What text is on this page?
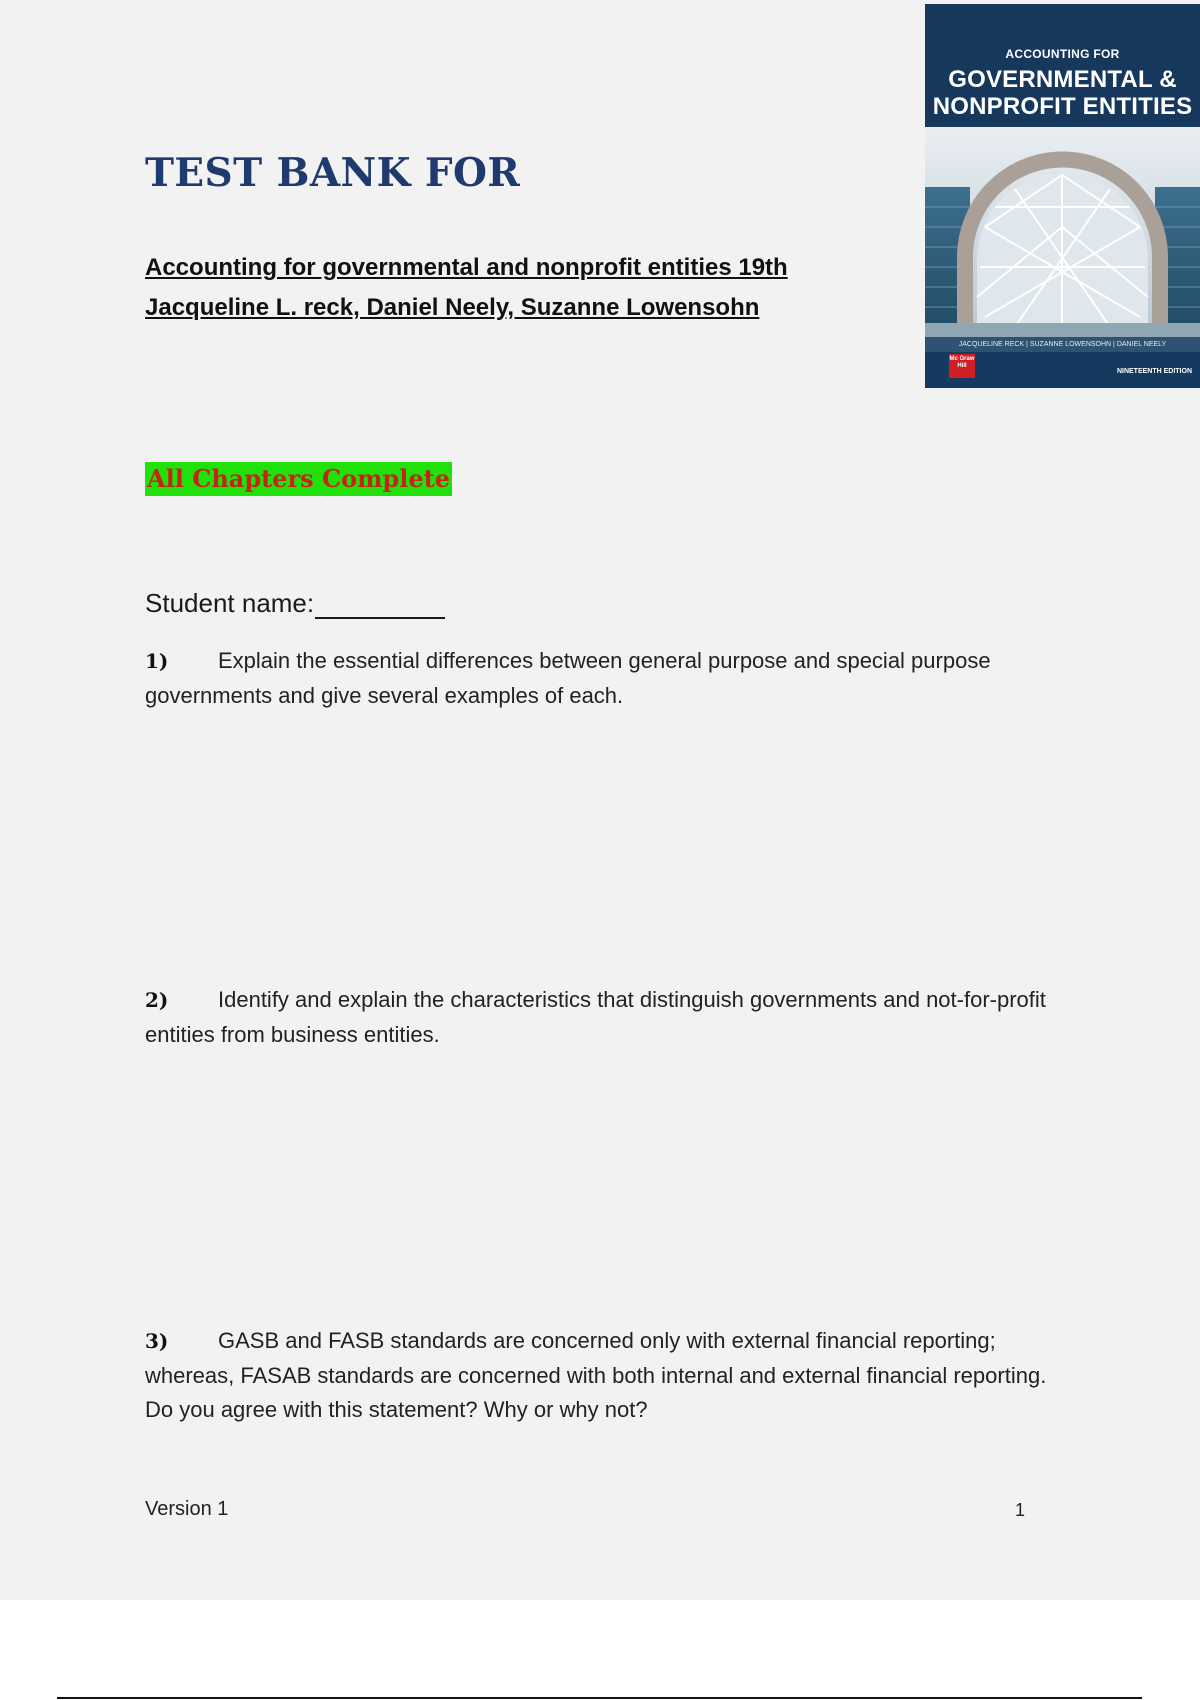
ACCOUNTING FOR
GOVERNMENTAL &
NONPROFIT ENTITIES
JACQUELINE RECK | SUZANNE LOWENSOHN | DANIEL NEELY
Mc Graw Hill
NINETEENTH EDITION
TEST BANK FOR
Accounting for governmental and nonprofit entities 19th
Jacqueline L. reck, Daniel Neely, Suzanne Lowensohn
All Chapters Complete
Student name:
1) Explain the essential differences between general purpose and special purpose governments and give several examples of each.
2) Identify and explain the characteristics that distinguish governments and not-for-profit entities from business entities.
3) GASB and FASB standards are concerned only with external financial reporting; whereas, FASAB standards are concerned with both internal and external financial reporting. Do you agree with this statement? Why or why not?
Version 1	1
